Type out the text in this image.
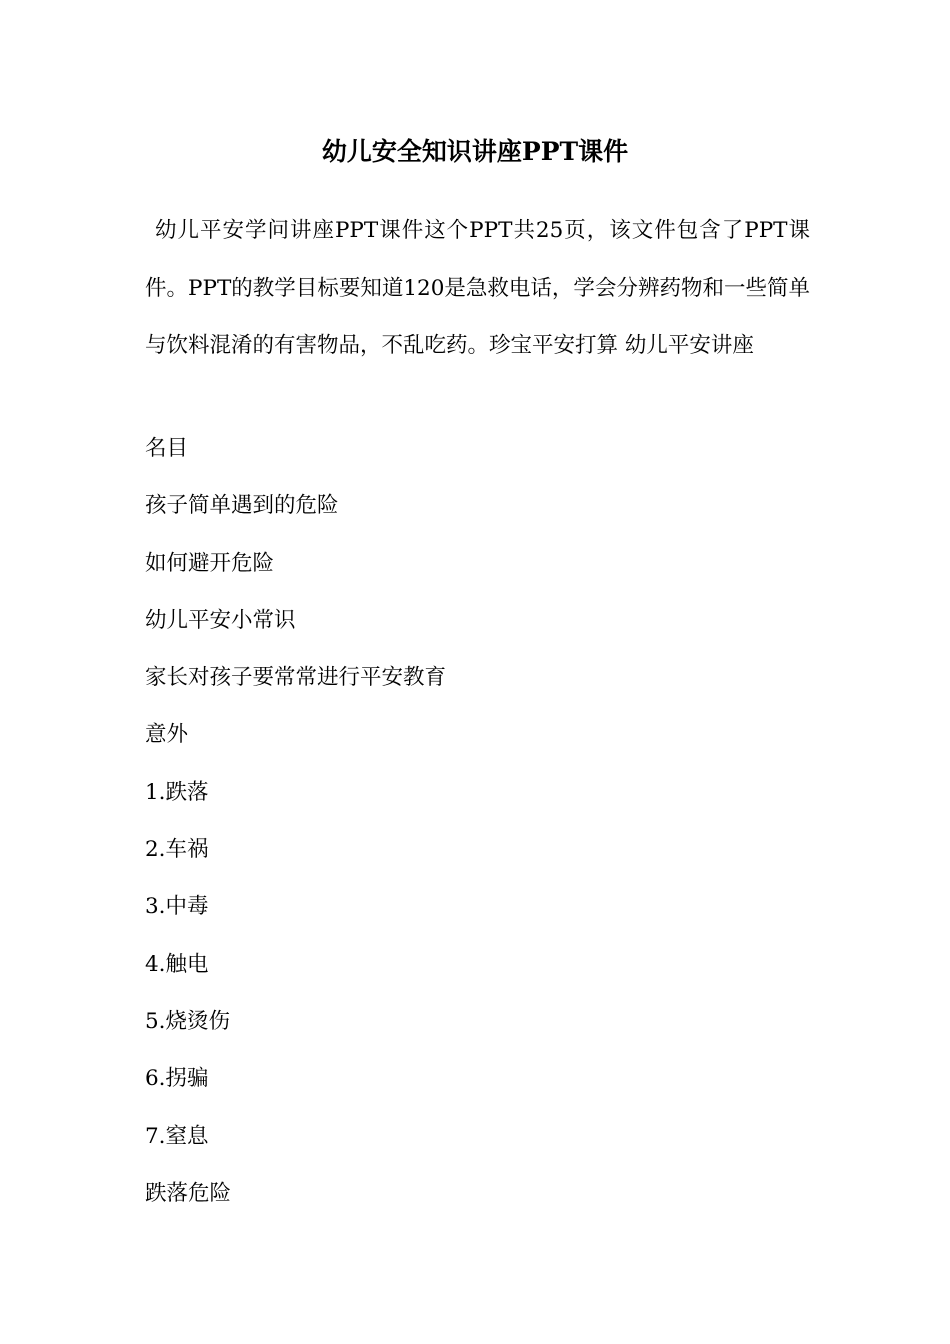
幼儿安全知识讲座PPT课件
幼儿平安学问讲座PPT课件这个PPT共25页，该文件包含了PPT课件。PPT的教学目标要知道120是急救电话，学会分辨药物和一些简单与饮料混淆的有害物品，不乱吃药。珍宝平安打算 幼儿平安讲座
名目
孩子简单遇到的危险
如何避开危险
幼儿平安小常识
家长对孩子要常常进行平安教育
意外
1.跌落
2.车祸
3.中毒
4.触电
5.烧烫伤
6.拐骗
7.窒息
跌落危险
